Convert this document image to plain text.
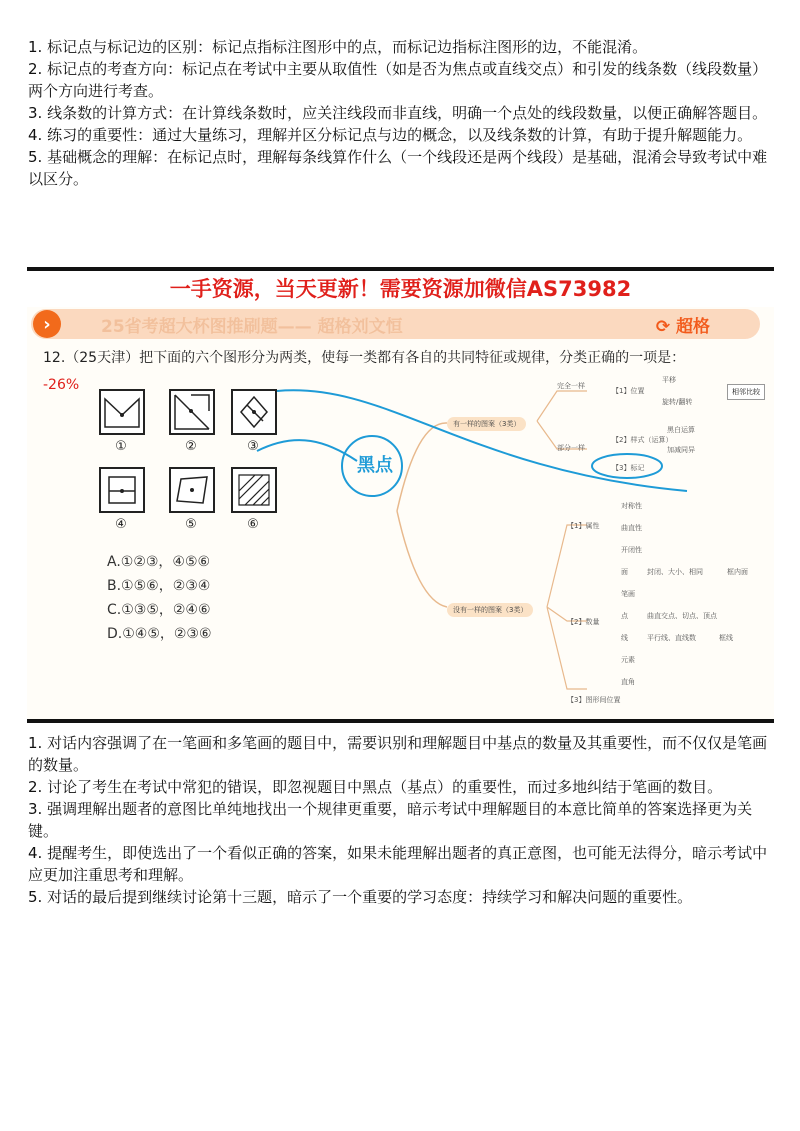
1. 标记点与标记边的区别：标记点指标注图形中的点，而标记边指标注图形的边，不能混淆。

2. 标记点的考查方向：标记点在考试中主要从取值性（如是否为焦点或直线交点）和引发的线条数（线段数量）两个方向进行考查。

3. 线条数的计算方式：在计算线条数时，应关注线段而非直线，明确一个点处的线段数量，以便正确解答题目。

4. 练习的重要性：通过大量练习，理解并区分标记点与边的概念，以及线条数的计算，有助于提升解题能力。

5. 基础概念的理解：在标记点时，理解每条线算作什么（一个线段还是两个线段）是基础，混淆会导致考试中难以区分。

一手资源，当天更新！需要资源加微信AS73982
›	25省考超大杯图推刷题—— 超格刘文恒	⟳ 超格
12.（25天津）把下面的六个图形分为两类，使每一类都有各自的共同特征或规律，分类正确的一项是：
-26%
①	②	③
④	⑤	⑥
A.①②③，④⑤⑥
B.①⑤⑥，②③④
C.①③⑤，②④⑥
D.①④⑤，②③⑥
黑点
有一样的图案（3类）
完全一样
部分一样
【1】位置
平移
旋转/翻转
相邻比较
【2】样式（运算）
黑白运算
加减同异
【3】标记
没有一样的图案（3类）
【1】属性
对称性
曲直性
开闭性
【2】数量
面	封闭、大小、相同	框内面
笔画
点	曲直交点、切点、顶点
线	平行线、直线数	框线
元素
直角
【3】图形间位置

1. 对话内容强调了在一笔画和多笔画的题目中，需要识别和理解题目中基点的数量及其重要性，而不仅仅是笔画的数量。

2. 讨论了考生在考试中常犯的错误，即忽视题目中黑点（基点）的重要性，而过多地纠结于笔画的数目。

3. 强调理解出题者的意图比单纯地找出一个规律更重要，暗示考试中理解题目的本意比简单的答案选择更为关键。

4. 提醒考生，即使选出了一个看似正确的答案，如果未能理解出题者的真正意图，也可能无法得分，暗示考试中应更加注重思考和理解。

5. 对话的最后提到继续讨论第十三题，暗示了一个重要的学习态度：持续学习和解决问题的重要性。
